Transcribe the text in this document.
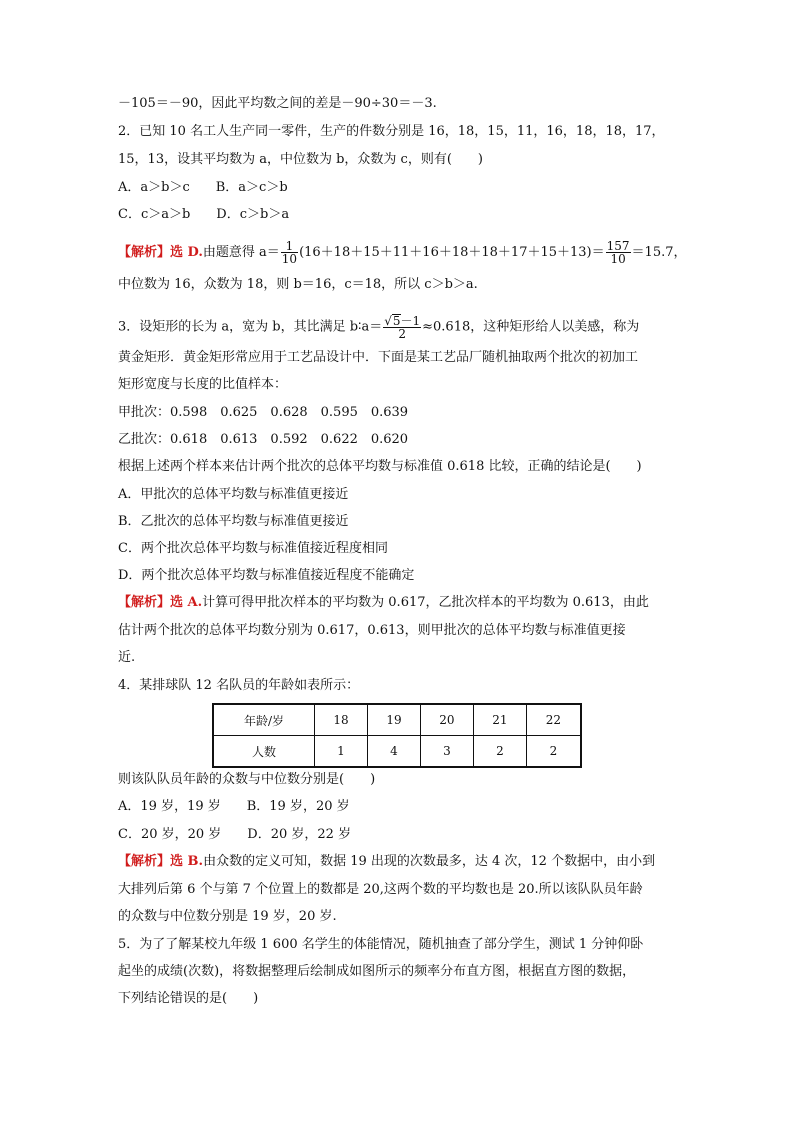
－105＝－90，因此平均数之间的差是－90÷30＝－3.
2．已知 10 名工人生产同一零件，生产的件数分别是 16，18，15，11，16，18，18，17，
15，13，设其平均数为 a，中位数为 b，众数为 c，则有(　　)
A．a＞b＞c　　B．a＞c＞b
C．c＞a＞b　　D．c＞b＞a
【解析】选 D.由题意得 $a= \frac{1}{10} (16+18+15+11+16+18+18+17+15+13)= \frac{157}{10} =15.7$，
中位数为 16，众数为 18，则 b＝16，c＝18，所以 c＞b＞a.
3．设矩形的长为 a，宽为 b，其比满足 b∶a＝ $\frac{√5-1}{2} \approx 0.618$，这种矩形给人以美感，称为
黄金矩形．黄金矩形常应用于工艺品设计中．下面是某工艺品厂随机抽取两个批次的初加工
矩形宽度与长度的比值样本：
甲批次：0.598　0.625　0.628　0.595　0.639
乙批次：0.618　0.613　0.592　0.622　0.620
根据上述两个样本来估计两个批次的总体平均数与标准值 0.618 比较，正确的结论是(　　)
A．甲批次的总体平均数与标准值更接近
B．乙批次的总体平均数与标准值更接近
C．两个批次总体平均数与标准值接近程度相同
D．两个批次总体平均数与标准值接近程度不能确定
【解析】选 A.计算可得甲批次样本的平均数为 0.617，乙批次样本的平均数为 0.613，由此
估计两个批次的总体平均数分别为 0.617，0.613，则甲批次的总体平均数与标准值更接
近.
4．某排球队 12 名队员的年龄如表所示：
年龄/岁	18	19	20	21	22
人数	1	4	3	2	2
则该队队员年龄的众数与中位数分别是(　　)
A．19 岁，19 岁　　B．19 岁，20 岁
C．20 岁，20 岁　　D．20 岁，22 岁
【解析】选 B.由众数的定义可知，数据 19 出现的次数最多，达 4 次，12 个数据中，由小到
大排列后第 6 个与第 7 个位置上的数都是 20,这两个数的平均数也是 20.所以该队队员年龄
的众数与中位数分别是 19 岁，20 岁.
5．为了了解某校九年级 1 600 名学生的体能情况，随机抽查了部分学生，测试 1 分钟仰卧
起坐的成绩(次数)，将数据整理后绘制成如图所示的频率分布直方图，根据直方图的数据，
下列结论错误的是(　　)
